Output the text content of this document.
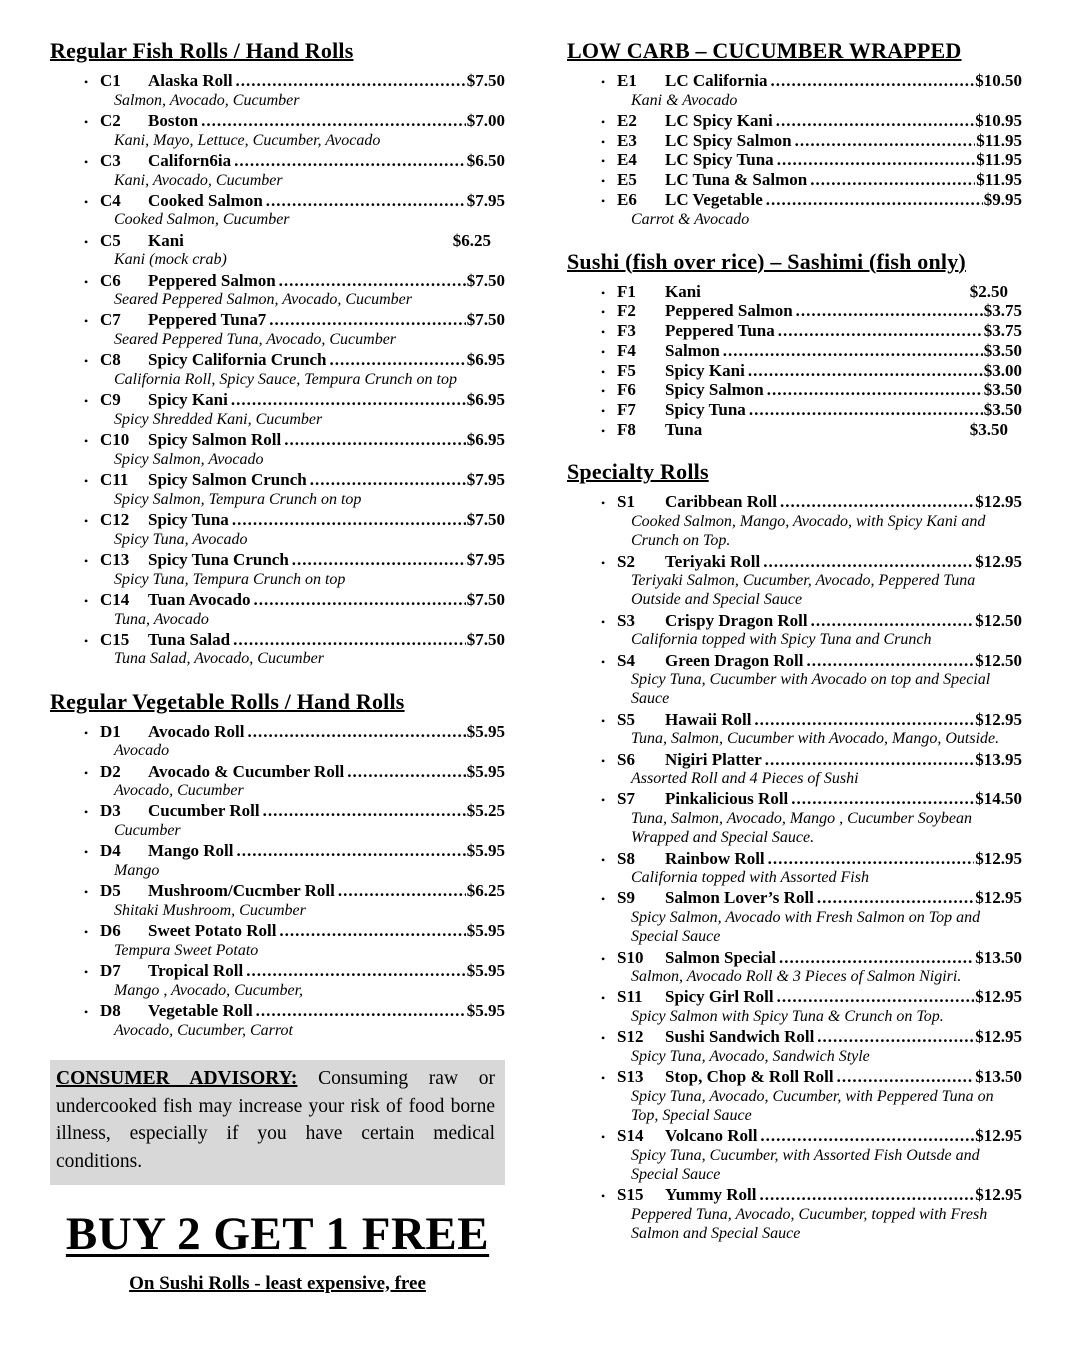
Regular Fish Rolls / Hand Rolls
• C1	Alaska Roll .....	$7.50
Salmon, Avocado, Cucumber
• C2	Boston .....	$7.00
Kani, Mayo, Lettuce, Cucumber, Avocado
• C3	Californ6ia .....	$6.50
Kani, Avocado, Cucumber
• C4	Cooked Salmon .....	$7.95
Cooked Salmon, Cucumber
• C5	Kani	$6.25
Kani (mock crab)
• C6	Peppered Salmon .....	$7.50
Seared Peppered Salmon, Avocado, Cucumber
• C7	Peppered Tuna7 .....	$7.50
Seared Peppered Tuna, Avocado, Cucumber
• C8	Spicy California Crunch .....	$6.95
California Roll, Spicy Sauce, Tempura Crunch on top
• C9	Spicy Kani .....	$6.95
Spicy Shredded Kani, Cucumber
• C10	Spicy Salmon Roll .....	$6.95
Spicy Salmon, Avocado
• C11	Spicy Salmon Crunch .....	$7.95
Spicy Salmon, Tempura Crunch on top
• C12	Spicy Tuna .....	$7.50
Spicy Tuna, Avocado
• C13	Spicy Tuna Crunch .....	$7.95
Spicy Tuna, Tempura Crunch on top
• C14	Tuan Avocado .....	$7.50
Tuna, Avocado
• C15	Tuna Salad .....	$7.50
Tuna Salad, Avocado, Cucumber
Regular Vegetable Rolls / Hand Rolls
• D1	Avocado Roll .....	$5.95
Avocado
• D2	Avocado & Cucumber Roll .....	$5.95
Avocado, Cucumber
• D3	Cucumber Roll .....	$5.25
Cucumber
• D4	Mango Roll .....	$5.95
Mango
• D5	Mushroom/Cucmber Roll .....	$6.25
Shitaki Mushroom, Cucumber
• D6	Sweet Potato Roll .....	$5.95
Tempura Sweet Potato
• D7	Tropical Roll .....	$5.95
Mango , Avocado, Cucumber,
• D8	Vegetable Roll .....	$5.95
Avocado, Cucumber, Carrot
CONSUMER ADVISORY: Consuming raw or undercooked fish may increase your risk of food borne illness, especially if you have certain medical conditions.
BUY 2 GET 1 FREE
On Sushi Rolls - least expensive, free
LOW CARB – CUCUMBER WRAPPED
• E1	LC California .....	$10.50
Kani & Avocado
• E2	LC Spicy Kani .....	$10.95
• E3	LC Spicy Salmon .....	$11.95
• E4	LC Spicy Tuna .....	$11.95
• E5	LC Tuna & Salmon .....	$11.95
• E6	LC Vegetable .....	$9.95
Carrot & Avocado
Sushi (fish over rice) – Sashimi (fish only)
• F1	Kani	$2.50
• F2	Peppered Salmon .....	$3.75
• F3	Peppered Tuna .....	$3.75
• F4	Salmon .....	$3.50
• F5	Spicy Kani .....	$3.00
• F6	Spicy Salmon .....	$3.50
• F7	Spicy Tuna .....	$3.50
• F8	Tuna	$3.50
Specialty Rolls
• S1	Caribbean Roll .....	$12.95
Cooked Salmon, Mango, Avocado, with Spicy Kani and Crunch on Top.
• S2	Teriyaki Roll .....	$12.95
Teriyaki Salmon, Cucumber, Avocado, Peppered Tuna Outside and Special Sauce
• S3	Crispy Dragon Roll .....	$12.50
California topped with Spicy Tuna and Crunch
• S4	Green Dragon Roll .....	$12.50
Spicy Tuna, Cucumber with Avocado on top and Special Sauce
• S5	Hawaii Roll .....	$12.95
Tuna, Salmon, Cucumber with Avocado, Mango, Outside.
• S6	Nigiri Platter .....	$13.95
Assorted Roll and 4 Pieces of Sushi
• S7	Pinkalicious Roll .....	$14.50
Tuna, Salmon, Avocado, Mango , Cucumber Soybean Wrapped and Special Sauce.
• S8	Rainbow Roll .....	$12.95
California topped with Assorted Fish
• S9	Salmon Lover’s Roll .....	$12.95
Spicy Salmon, Avocado with Fresh Salmon on Top and Special Sauce
• S10	Salmon Special .....	$13.50
Salmon, Avocado Roll & 3 Pieces of Salmon Nigiri.
• S11	Spicy Girl Roll .....	$12.95
Spicy Salmon with Spicy Tuna & Crunch on Top.
• S12	Sushi Sandwich Roll .....	$12.95
Spicy Tuna, Avocado, Sandwich Style
• S13	Stop, Chop & Roll Roll .....	$13.50
Spicy Tuna, Avocado, Cucumber, with Peppered Tuna on Top, Special Sauce
• S14	Volcano Roll .....	$12.95
Spicy Tuna, Cucumber, with Assorted Fish Outsde and Special Sauce
• S15	Yummy Roll .....	$12.95
Peppered Tuna, Avocado, Cucumber, topped with Fresh Salmon and Special Sauce
